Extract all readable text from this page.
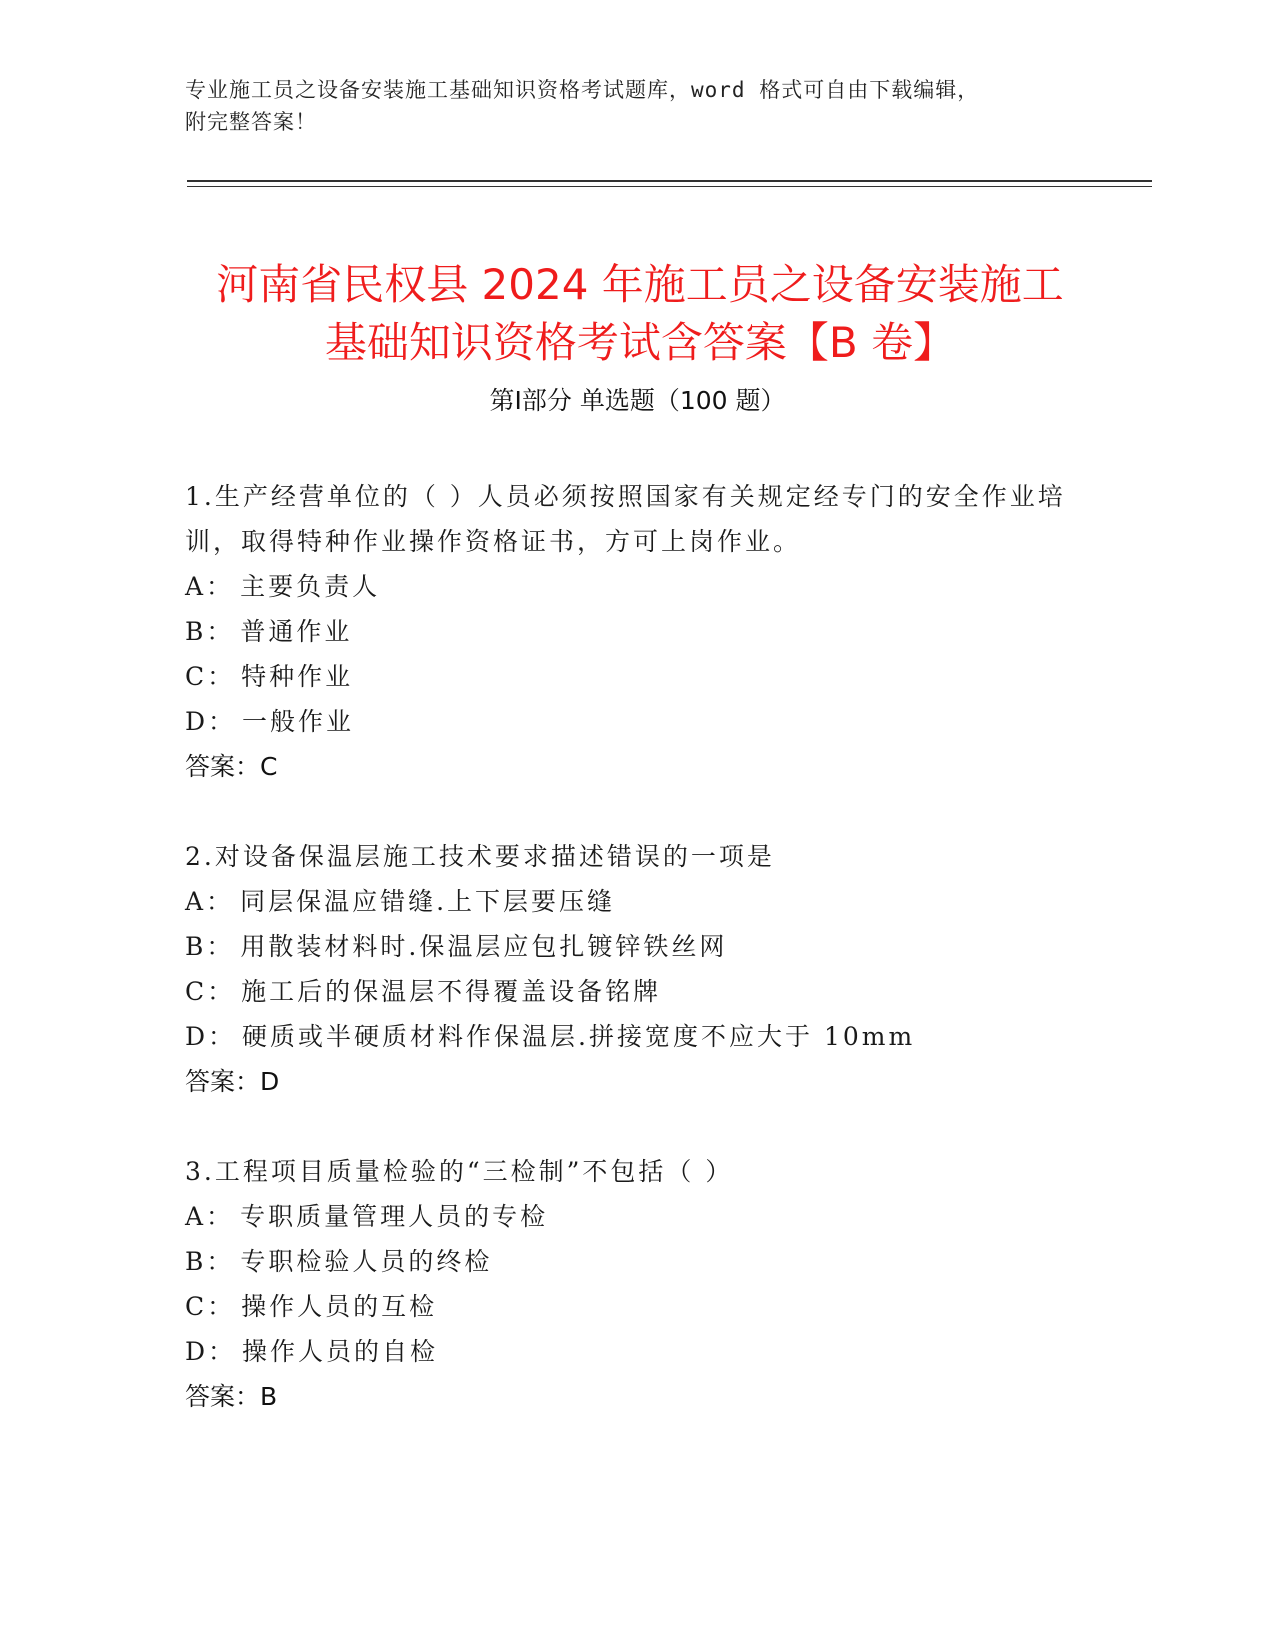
专业施工员之设备安装施工基础知识资格考试题库，word 格式可自由下载编辑，
附完整答案！
河南省民权县 2024 年施工员之设备安装施工
基础知识资格考试含答案【B 卷】
第Ⅰ部分 单选题（100 题）

1.生产经营单位的（ ）人员必须按照国家有关规定经专门的安全作业培训，取得特种作业操作资格证书，方可上岗作业。

A： 主要负责人

B： 普通作业

C： 特种作业

D： 一般作业

答案：C

2.对设备保温层施工技术要求描述错误的一项是

A： 同层保温应错缝.上下层要压缝

B： 用散装材料时.保温层应包扎镀锌铁丝网

C： 施工后的保温层不得覆盖设备铭牌

D： 硬质或半硬质材料作保温层.拼接宽度不应大于 10mm

答案：D

3.工程项目质量检验的“三检制”不包括（ ）

A： 专职质量管理人员的专检

B： 专职检验人员的终检

C： 操作人员的互检

D： 操作人员的自检

答案：B
